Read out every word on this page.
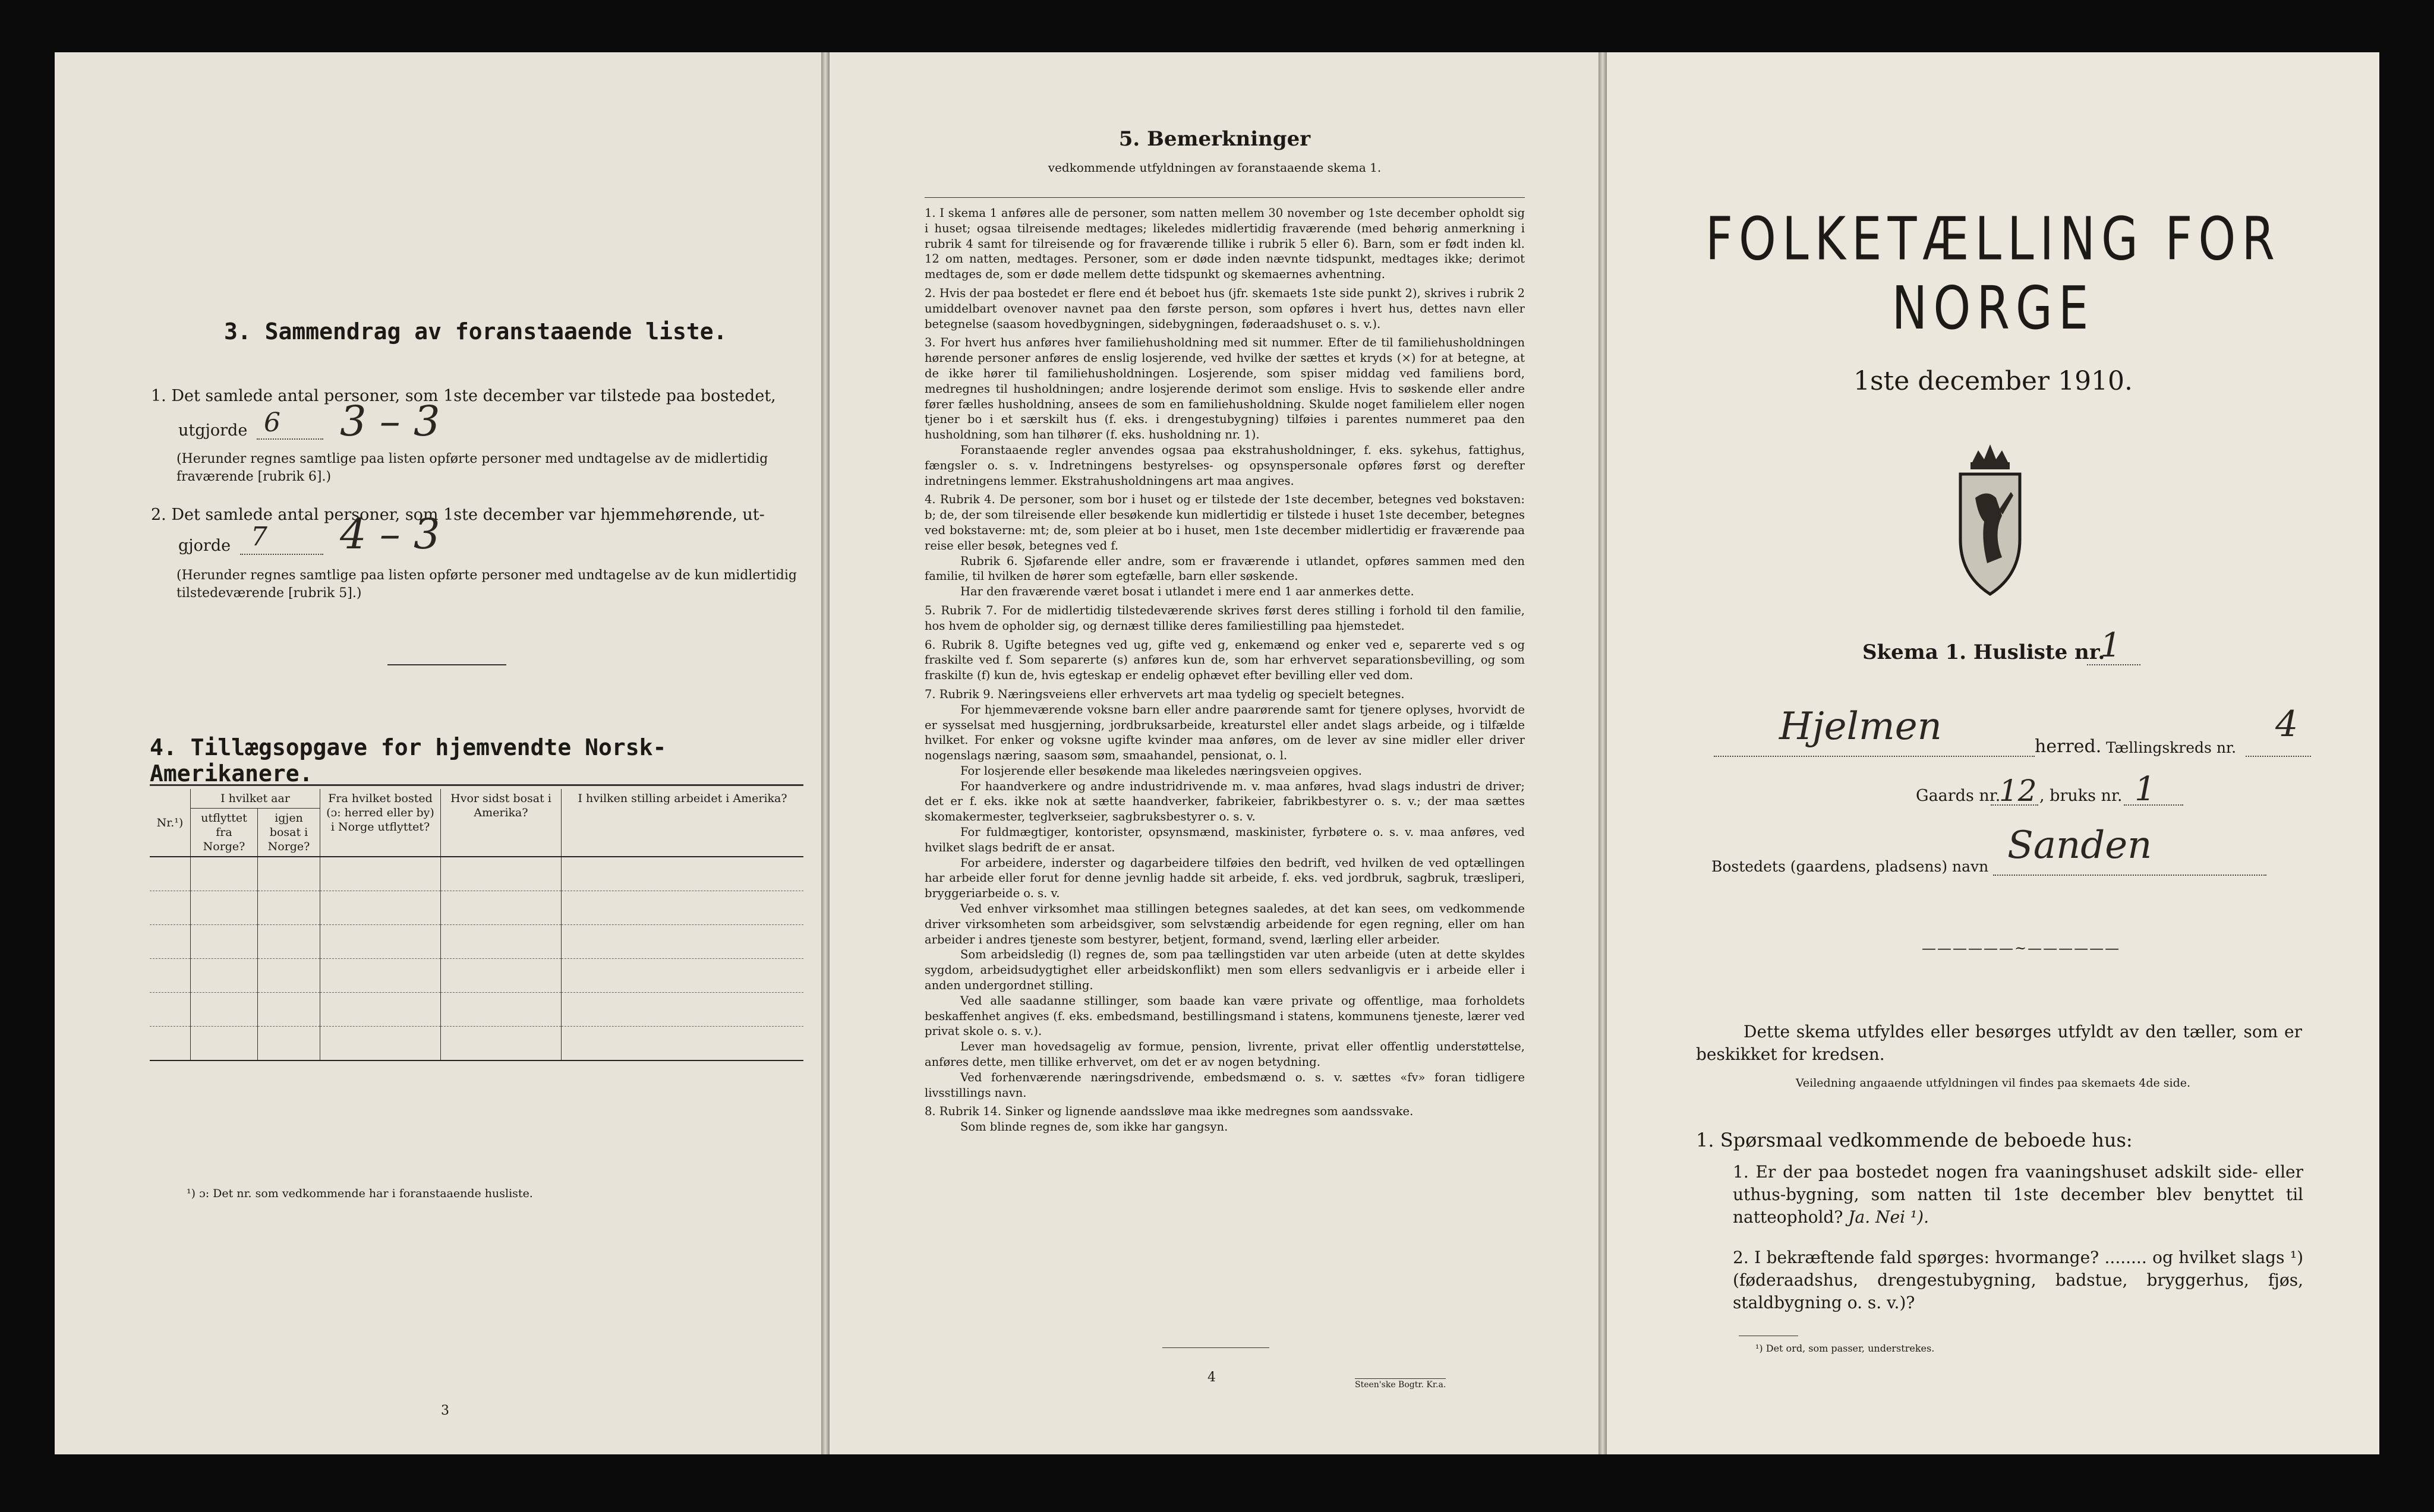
3. Sammendrag av foranstaaende liste.
1. Det samlede antal personer, som 1ste december var tilstede paa bostedet,
utgjorde 6 3 – 3
(Herunder regnes samtlige paa listen opførte personer med undtagelse av de midlertidig fraværende [rubrik 6].)
2. Det samlede antal personer, som 1ste december var hjemmehørende, ut-
gjorde 7 4 – 3
(Herunder regnes samtlige paa listen opførte personer med undtagelse av de kun midlertidig tilstedeværende [rubrik 5].)
4. Tillægsopgave for hjemvendte Norsk-Amerikanere.
Nr.¹)	I hvilket aar		Fra hvilket bosted (ɔ: herred eller by) i Norge utflyttet?	Hvor sidst bosat i Amerika?	I hvilken stilling arbeidet i Amerika?
	utflyttet fra Norge?	igjen bosat i Norge?			

¹) ɔ: Det nr. som vedkommende har i foranstaaende husliste.
3
5. Bemerkninger
vedkommende utfyldningen av foranstaaende skema 1.

1. I skema 1 anføres alle de personer, som natten mellem 30 november og 1ste december opholdt sig i huset; ogsaa tilreisende medtages; likeledes midlertidig fraværende (med behørig anmerkning i rubrik 4 samt for tilreisende og for fraværende tillike i rubrik 5 eller 6). Barn, som er født inden kl. 12 om natten, medtages. Personer, som er døde inden nævnte tidspunkt, medtages ikke; derimot medtages de, som er døde mellem dette tidspunkt og skemaernes avhentning.

2. Hvis der paa bostedet er flere end ét beboet hus (jfr. skemaets 1ste side punkt 2), skrives i rubrik 2 umiddelbart ovenover navnet paa den første person, som opføres i hvert hus, dettes navn eller betegnelse (saasom hovedbygningen, sidebygningen, føderaadshuset o. s. v.).

3. For hvert hus anføres hver familiehusholdning med sit nummer. Efter de til familiehusholdningen hørende personer anføres de enslig losjerende, ved hvilke der sættes et kryds (×) for at betegne, at de ikke hører til familiehusholdningen. Losjerende, som spiser middag ved familiens bord, medregnes til husholdningen; andre losjerende derimot som enslige. Hvis to søskende eller andre fører fælles husholdning, ansees de som en familiehusholdning. Skulde noget familielem eller nogen tjener bo i et særskilt hus (f. eks. i drengestubygning) tilføies i parentes nummeret paa den husholdning, som han tilhører (f. eks. husholdning nr. 1).

Foranstaaende regler anvendes ogsaa paa ekstrahusholdninger, f. eks. sykehus, fattighus, fængsler o. s. v. Indretningens bestyrelses- og opsynspersonale opføres først og derefter indretningens lemmer. Ekstrahusholdningens art maa angives.

4. Rubrik 4. De personer, som bor i huset og er tilstede der 1ste december, betegnes ved bokstaven: b; de, der som tilreisende eller besøkende kun midlertidig er tilstede i huset 1ste december, betegnes ved bokstaverne: mt; de, som pleier at bo i huset, men 1ste december midlertidig er fraværende paa reise eller besøk, betegnes ved f.

Rubrik 6. Sjøfarende eller andre, som er fraværende i utlandet, opføres sammen med den familie, til hvilken de hører som egtefælle, barn eller søskende.

Har den fraværende været bosat i utlandet i mere end 1 aar anmerkes dette.

5. Rubrik 7. For de midlertidig tilstedeværende skrives først deres stilling i forhold til den familie, hos hvem de opholder sig, og dernæst tillike deres familiestilling paa hjemstedet.

6. Rubrik 8. Ugifte betegnes ved ug, gifte ved g, enkemænd og enker ved e, separerte ved s og fraskilte ved f. Som separerte (s) anføres kun de, som har erhvervet separationsbevilling, og som fraskilte (f) kun de, hvis egteskap er endelig ophævet efter bevilling eller ved dom.

7. Rubrik 9. Næringsveiens eller erhvervets art maa tydelig og specielt betegnes.

For hjemmeværende voksne barn eller andre paarørende samt for tjenere oplyses, hvorvidt de er sysselsat med husgjerning, jordbruksarbeide, kreaturstel eller andet slags arbeide, og i tilfælde hvilket. For enker og voksne ugifte kvinder maa anføres, om de lever av sine midler eller driver nogenslags næring, saasom søm, smaahandel, pensionat, o. l.

For losjerende eller besøkende maa likeledes næringsveien opgives.

For haandverkere og andre industridrivende m. v. maa anføres, hvad slags industri de driver; det er f. eks. ikke nok at sætte haandverker, fabrikeier, fabrikbestyrer o. s. v.; der maa sættes skomakermester, teglverkseier, sagbruksbestyrer o. s. v.

For fuldmægtiger, kontorister, opsynsmænd, maskinister, fyrbøtere o. s. v. maa anføres, ved hvilket slags bedrift de er ansat.

For arbeidere, inderster og dagarbeidere tilføies den bedrift, ved hvilken de ved optællingen har arbeide eller forut for denne jevnlig hadde sit arbeide, f. eks. ved jordbruk, sagbruk, træsliperi, bryggeriarbeide o. s. v.

Ved enhver virksomhet maa stillingen betegnes saaledes, at det kan sees, om vedkommende driver virksomheten som arbeidsgiver, som selvstændig arbeidende for egen regning, eller om han arbeider i andres tjeneste som bestyrer, betjent, formand, svend, lærling eller arbeider.

Som arbeidsledig (l) regnes de, som paa tællingstiden var uten arbeide (uten at dette skyldes sygdom, arbeidsudygtighet eller arbeidskonflikt) men som ellers sedvanligvis er i arbeide eller i anden undergordnet stilling.

Ved alle saadanne stillinger, som baade kan være private og offentlige, maa forholdets beskaffenhet angives (f. eks. embedsmand, bestillingsmand i statens, kommunens tjeneste, lærer ved privat skole o. s. v.).

Lever man hovedsagelig av formue, pension, livrente, privat eller offentlig understøttelse, anføres dette, men tillike erhvervet, om det er av nogen betydning.

Ved forhenværende næringsdrivende, embedsmænd o. s. v. sættes «fv» foran tidligere livsstillings navn.

8. Rubrik 14. Sinker og lignende aandssløve maa ikke medregnes som aandssvake.

Som blinde regnes de, som ikke har gangsyn.

4	Steen'ske Bogtr. Kr.a.
FOLKETÆLLING FOR NORGE
1ste december 1910.
Skema 1. Husliste nr.
1
Hjelmen	herred. Tællingskreds nr.
4
Gaards nr.
12 , bruks nr. 1
Bostedets (gaardens, pladsens) navn Sanden
——————~——————
Dette skema utfyldes eller besørges utfyldt av den tæller, som er beskikket for kredsen.
Veiledning angaaende utfyldningen vil findes paa skemaets 4de side.
1. Spørsmaal vedkommende de beboede hus:
1. Er der paa bostedet nogen fra vaaningshuset adskilt side- eller uthus-bygning, som natten til 1ste december blev benyttet til natteophold? Ja. Nei ¹).
2. I bekræftende fald spørges: hvormange? ........ og hvilket slags ¹) (føderaadshus, drengestubygning, badstue, bryggerhus, fjøs, staldbygning o. s. v.)?
¹) Det ord, som passer, understrekes.
